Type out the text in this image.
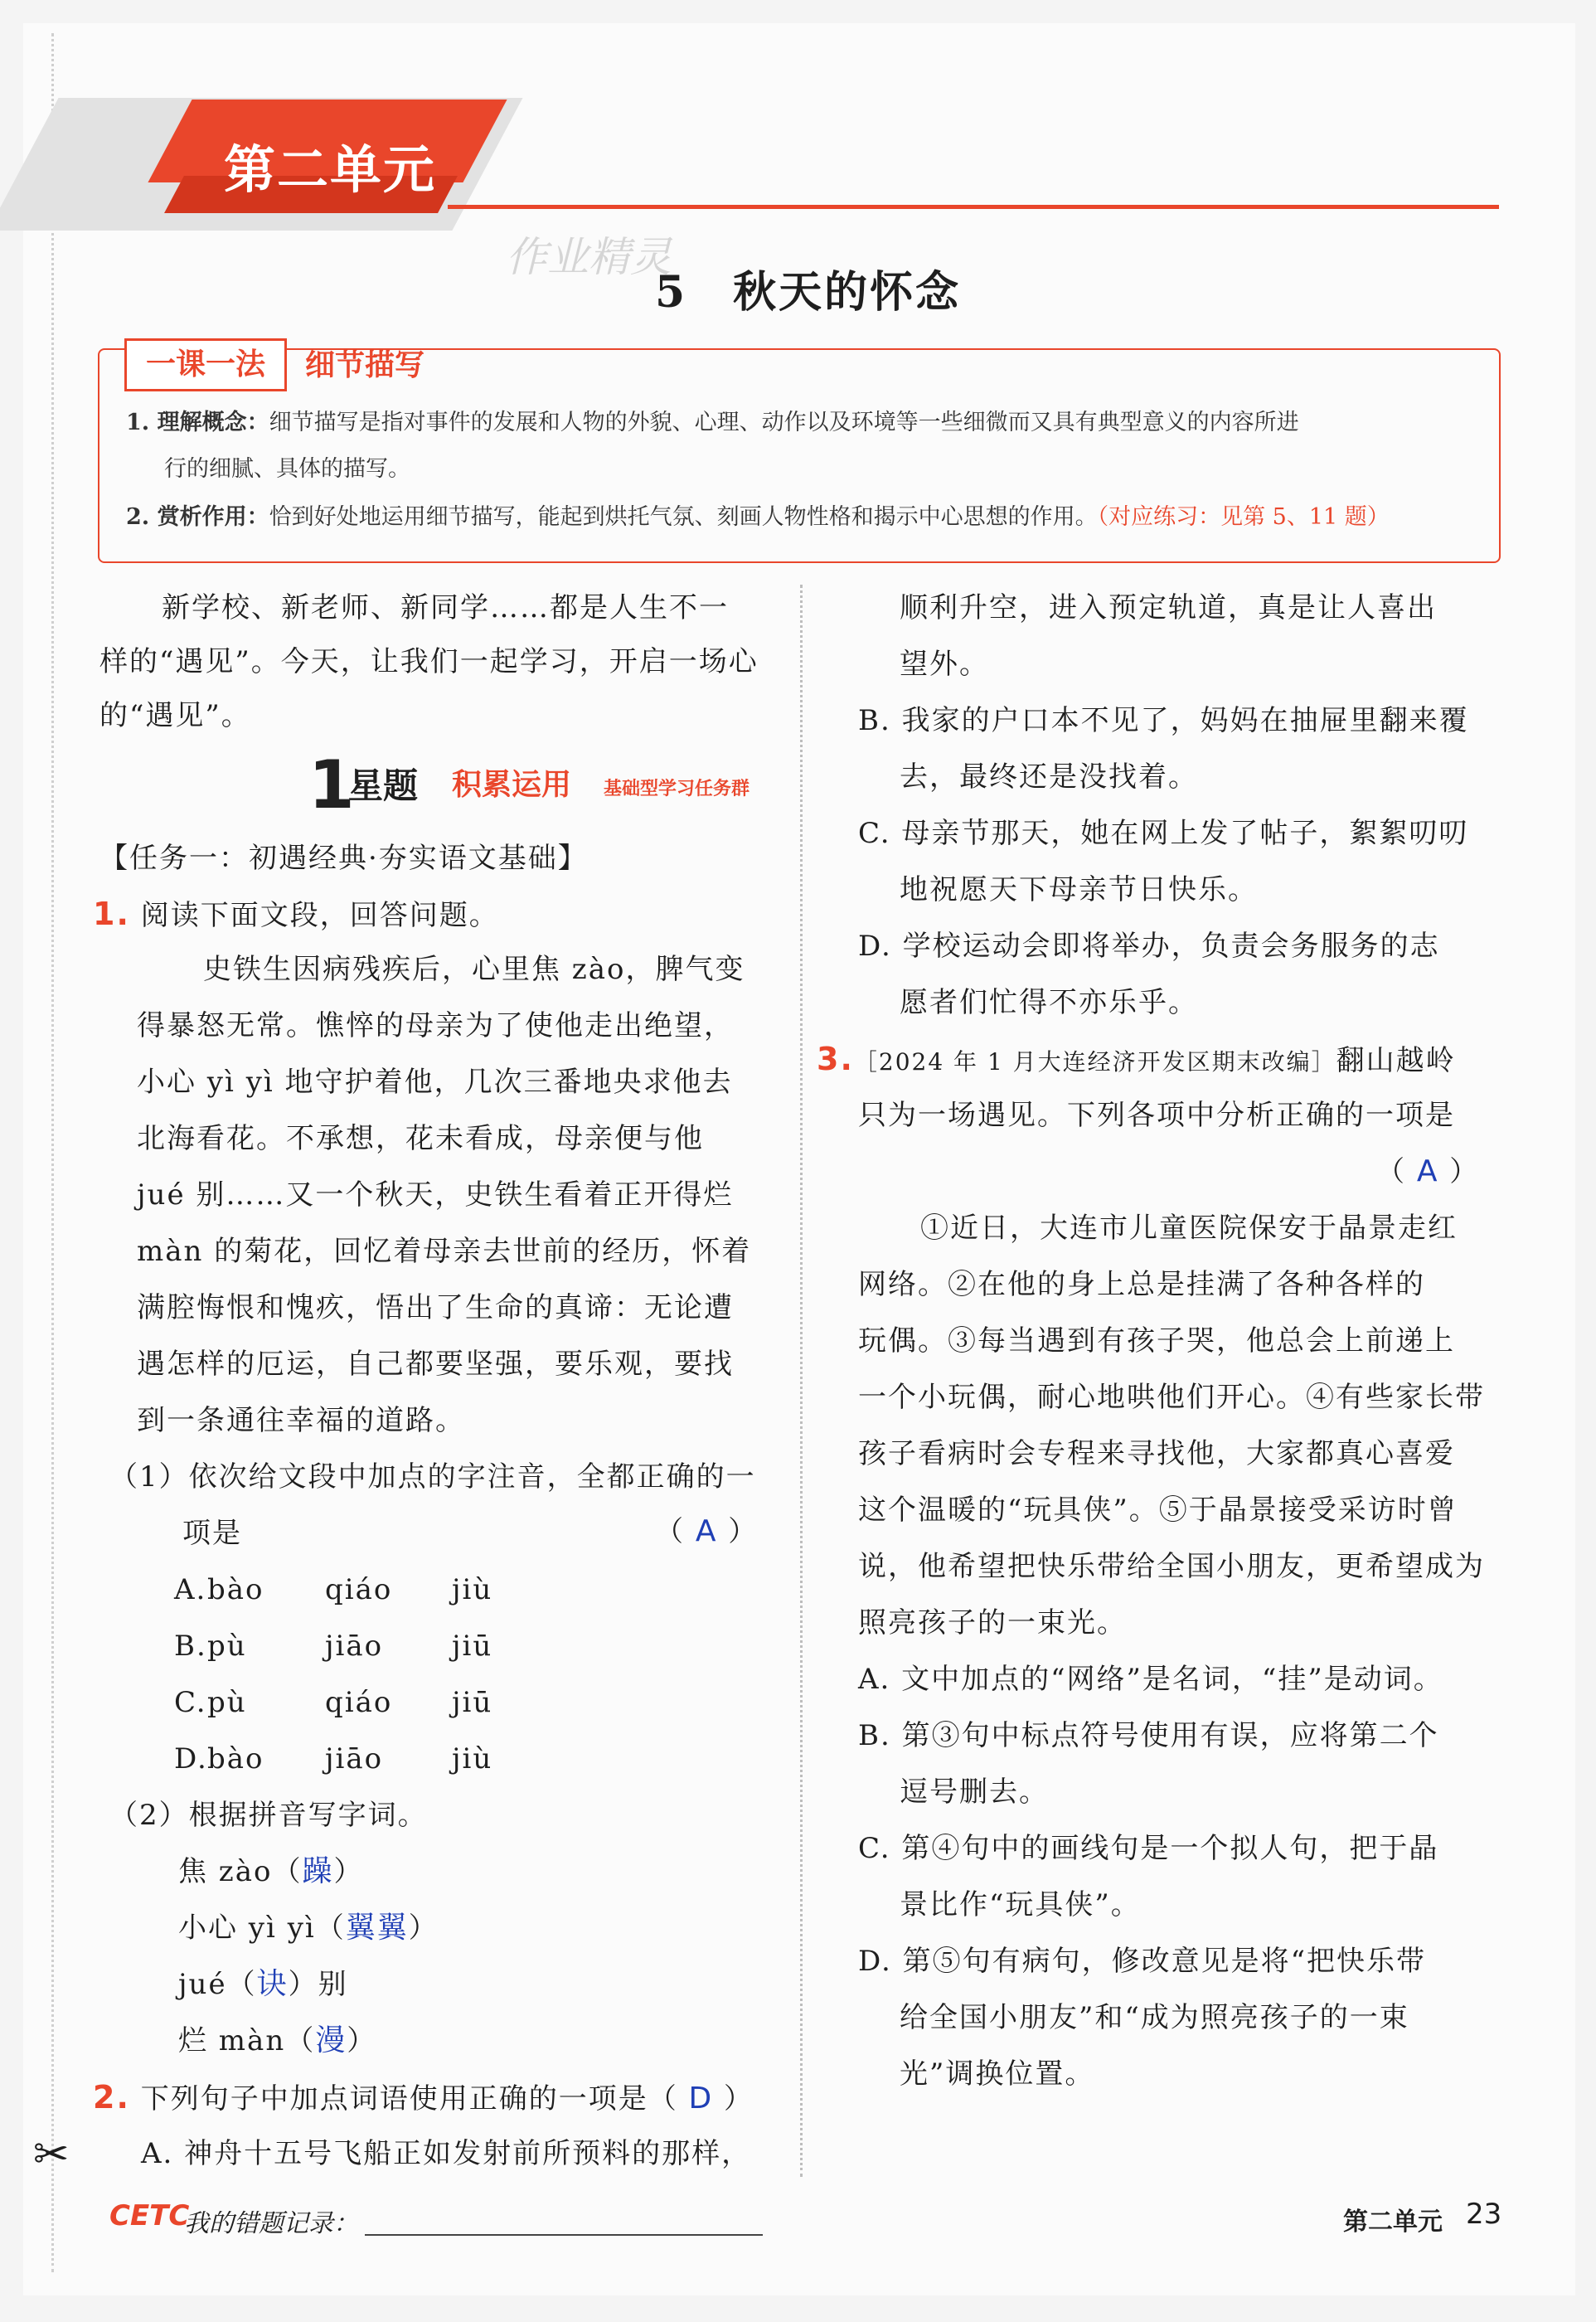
第二单元
作业精灵
5　秋天的怀念
一课一法	细节描写
1. 理解概念：细节描写是指对事件的发展和人物的外貌、心理、动作以及环境等一些细微而又具有典型意义的内容所进
行的细腻、具体的描写。
2. 赏析作用：恰到好处地运用细节描写，能起到烘托气氛、刻画人物性格和揭示中心思想的作用。（对应练习：见第 5、11 题）
新学校、新老师、新同学……都是人生不一
样的“遇见”。今天，让我们一起学习，开启一场心
的“遇见”。
1
星题 积累运用 基础型学习任务群
【任务一：初遇经典·夯实语文基础】
1. 阅读下面文段，回答问题。
史铁生因病残疾后，心里焦 zào，脾气变
得暴怒无常。憔悴的母亲为了使他走出绝望，
小心 yì yì 地守护着他，几次三番地央求他去
北海看花。不承想，花未看成，母亲便与他
jué 别……又一个秋天，史铁生看着正开得烂
màn 的菊花，回忆着母亲去世前的经历，怀着
满腔悔恨和愧疚，悟出了生命的真谛：无论遭
遇怎样的厄运，自己都要坚强，要乐观，要找
到一条通往幸福的道路。
（1）依次给文段中加点的字注音，全都正确的一
项是	（ A ）
A. bào qiáo jiù
B. pù	jiāo jiū
C. pù	qiáo jiū
D. bào jiāo jiù
（2）根据拼音写字词。
焦 zào（躁）
小心 yì yì（翼翼）
jué（诀）别
烂 màn（漫）
2. 下列句子中加点词语使用正确的一项是（ D ）
A. 神舟十五号飞船正如发射前所预料的那样，
顺利升空，进入预定轨道，真是让人喜出
望外。
B. 我家的户口本不见了，妈妈在抽屉里翻来覆
去，最终还是没找着。
C. 母亲节那天，她在网上发了帖子，絮絮叨叨
地祝愿天下母亲节日快乐。
D. 学校运动会即将举办，负责会务服务的志
愿者们忙得不亦乐乎。
3.［2024 年 1 月大连经济开发区期末改编］翻山越岭
只为一场遇见。下列各项中分析正确的一项是
（ A ）
①近日，大连市儿童医院保安于晶景走红
网络。②在他的身上总是挂满了各种各样的
玩偶。③每当遇到有孩子哭，他总会上前递上
一个小玩偶，耐心地哄他们开心。④有些家长带
孩子看病时会专程来寻找他，大家都真心喜爱
这个温暖的“玩具侠”。⑤于晶景接受采访时曾
说，他希望把快乐带给全国小朋友，更希望成为
照亮孩子的一束光。
A. 文中加点的“网络”是名词，“挂”是动词。
B. 第③句中标点符号使用有误，应将第二个
逗号删去。
C. 第④句中的画线句是一个拟人句，把于晶
景比作“玩具侠”。
D. 第⑤句有病句，修改意见是将“把快乐带
给全国小朋友”和“成为照亮孩子的一束
光”调换位置。
✂
CETC
我的错题记录：	第二单元 23
